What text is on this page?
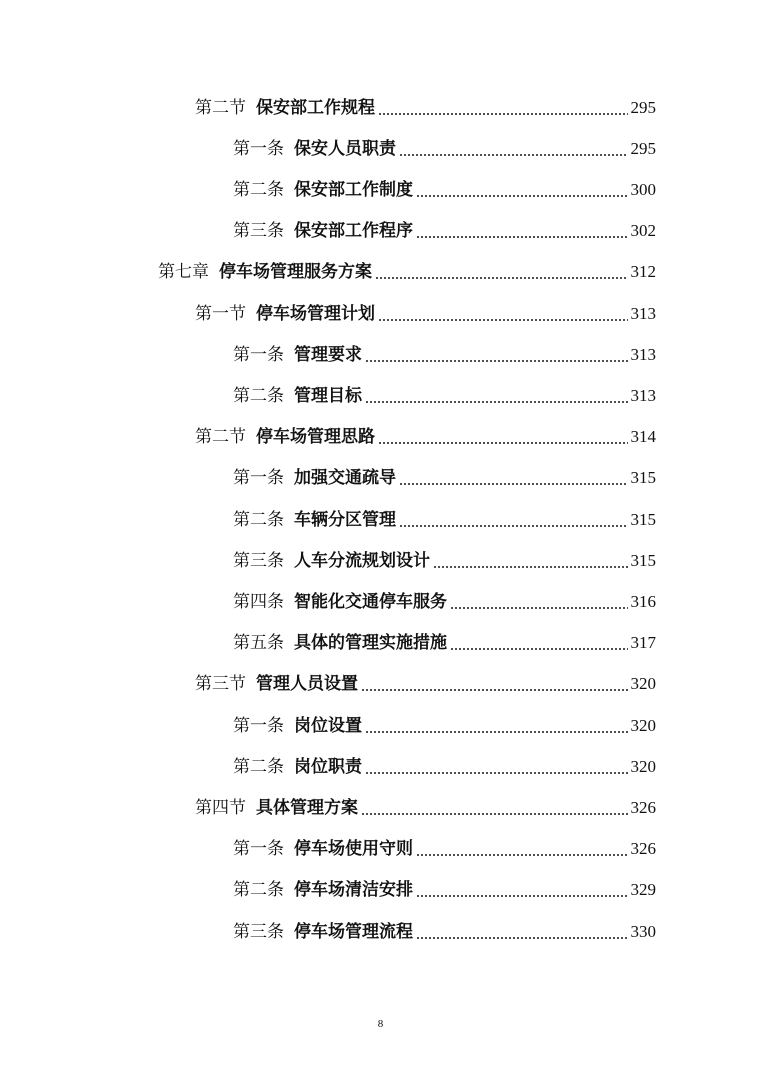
第二节 保安部工作规程	295
第一条 保安人员职责	295
第二条 保安部工作制度	300
第三条 保安部工作程序	302
第七章 停车场管理服务方案	312
第一节 停车场管理计划	313
第一条 管理要求	313
第二条 管理目标	313
第二节 停车场管理思路	314
第一条 加强交通疏导	315
第二条 车辆分区管理	315
第三条 人车分流规划设计	315
第四条 智能化交通停车服务	316
第五条 具体的管理实施措施	317
第三节 管理人员设置	320
第一条 岗位设置	320
第二条 岗位职责	320
第四节 具体管理方案	326
第一条 停车场使用守则	326
第二条 停车场清洁安排	329
第三条 停车场管理流程	330
8
